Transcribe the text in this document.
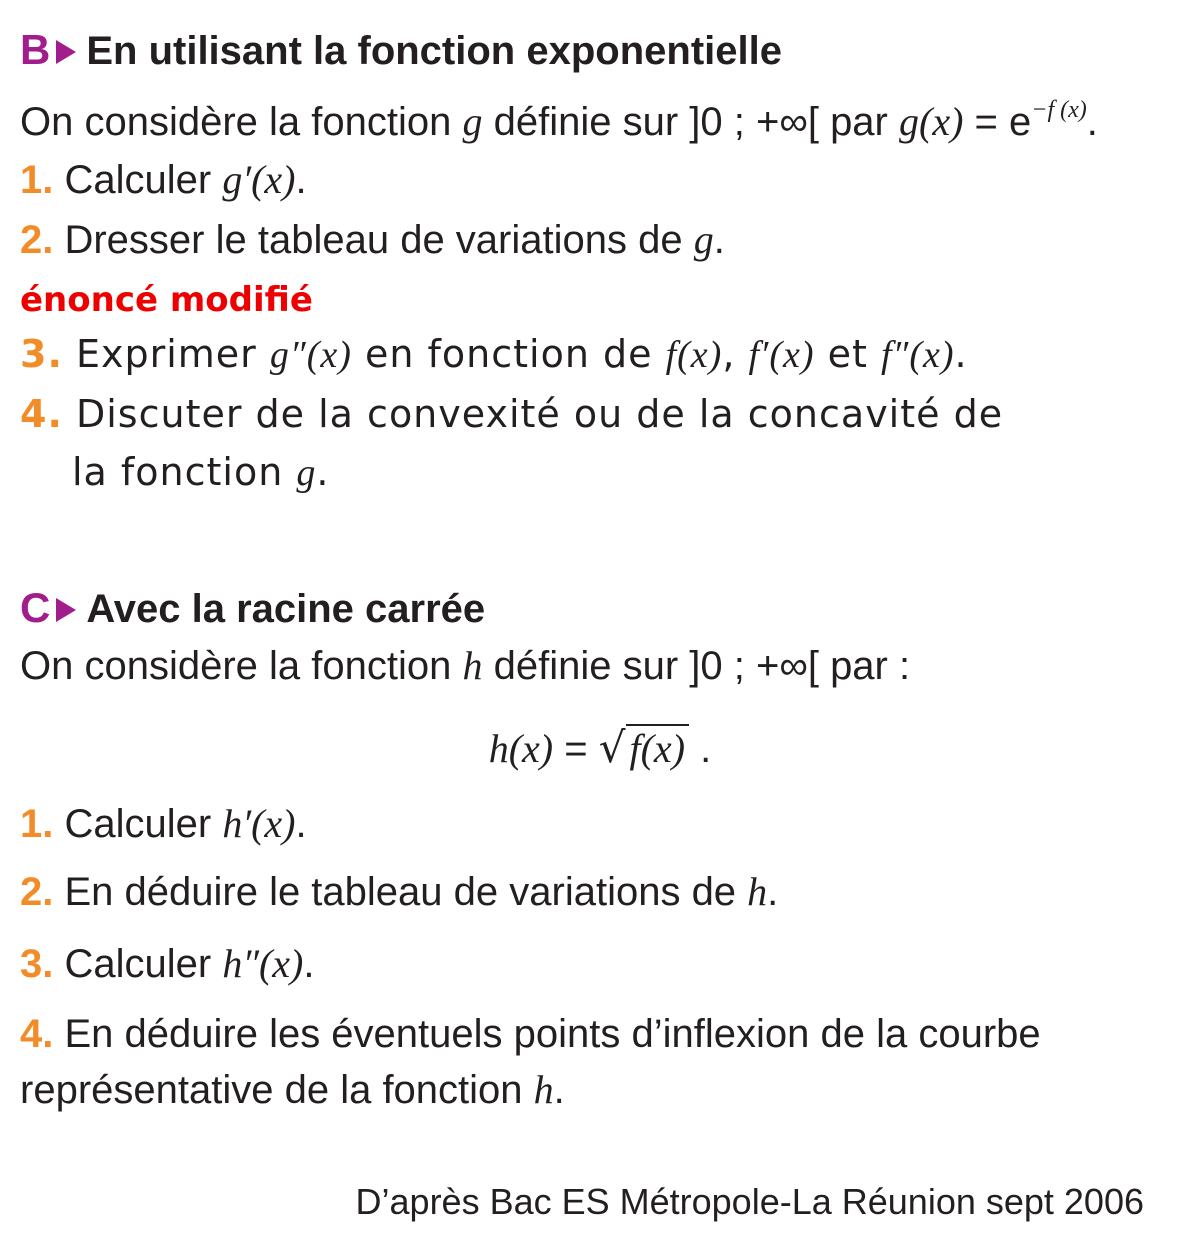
B En utilisant la fonction exponentielle
On considère la fonction g définie sur ]0 ; +∞[ par $g(x) = e^{-f (x)}$.
1. Calculer g′(x).
2. Dresser le tableau de variations de g.
énoncé modifié
3. Exprimer g″(x) en fonction de f(x), f′(x) et f″(x).
4. Discuter de la convexité ou de la concavité de
la fonction g.
C Avec la racine carrée
On considère la fonction h définie sur ]0 ; +∞[ par :
h(x) = √ f(x) .
1. Calculer h′(x).
2. En déduire le tableau de variations de h.
3. Calculer h″(x).
4. En déduire les éventuels points d’inflexion de la courbe
représentative de la fonction h.
D’après Bac ES Métropole-La Réunion sept 2006
